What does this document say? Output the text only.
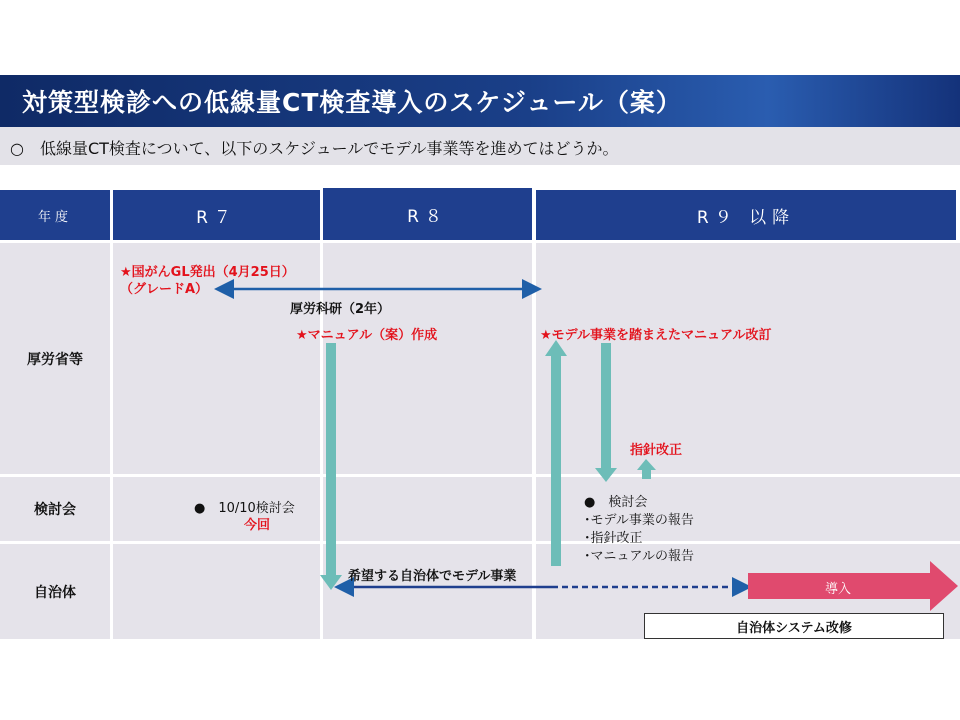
対策型検診への低線量CT検査導入のスケジュール（案）
○　低線量CT検査について、以下のスケジュールでモデル事業等を進めてはどうか。
年度	R７	R８	R９ 以降
厚労省等
検討会
自治体
★国がんGL発出（4月25日）
（グレードA）
厚労科研（2年）
★マニュアル（案）作成	★モデル事業を踏まえたマニュアル改訂
指針改正
●　10/10検討会
今回
●　検討会
･モデル事業の報告
･指針改正
･マニュアルの報告
希望する自治体でモデル事業
導入
自治体システム改修
